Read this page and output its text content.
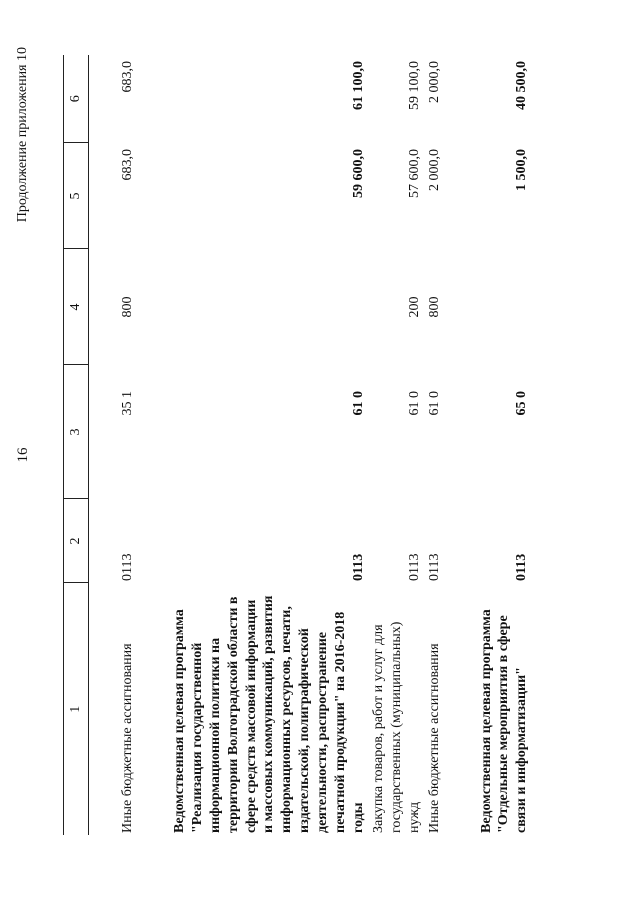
16
Продолжение приложения 10
1	2	3	4	5	6
Иные бюджетные ассигнования	0113	35 1	800	683,0	683,0

Ведомственная целевая программа "Реализация государственной информационной политики на территории Волгоградской области в сфере средств массовой информации и массовых коммуникаций, развития информационных ресурсов, печати, издательской, полиграфической деятельности, распространение печатной продукции" на 2016-2018 годы	0113	61 0		59 600,0	61 100,0
Закупка товаров, работ и услуг для государственных (муниципальных) нужд	0113	61 0	200	57 600,0	59 100,0
Иные бюджетные ассигнования	0113	61 0	800	2 000,0	2 000,0

Ведомственная целевая программа "Отдельные мероприятия в сфере связи и информатизации"	0113	65 0		1 500,0	40 500,0
